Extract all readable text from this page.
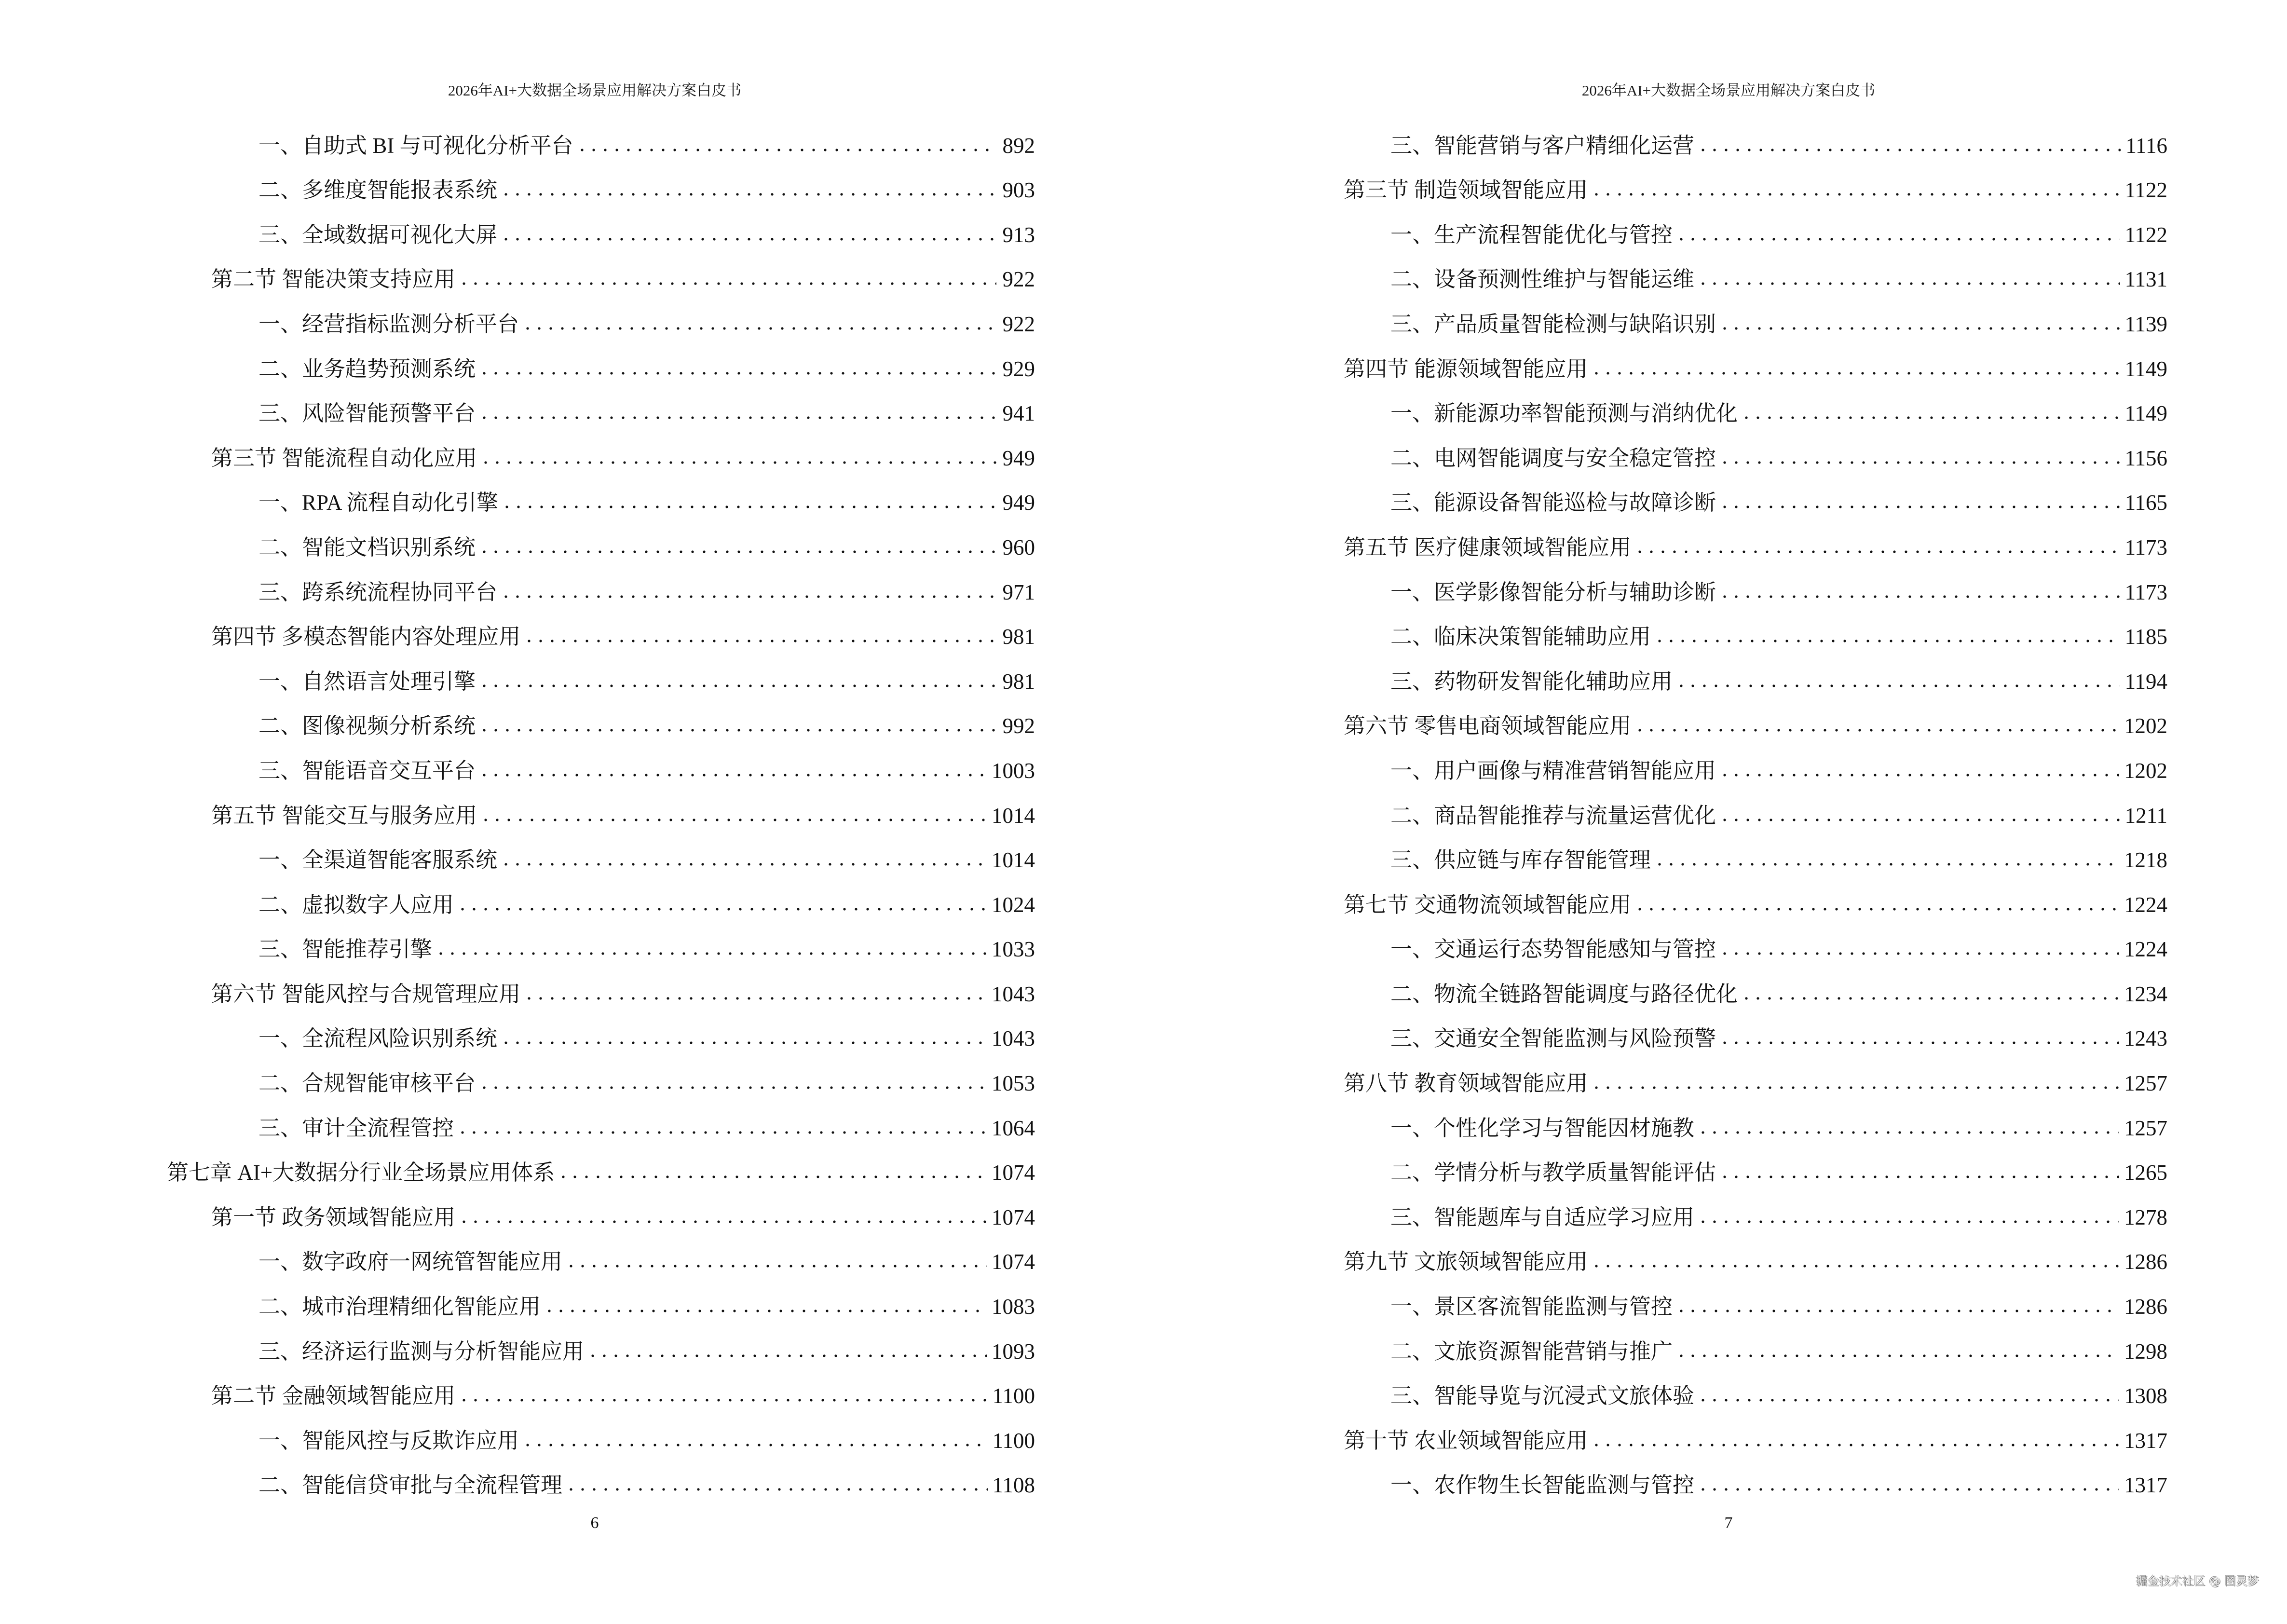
2026年AI+大数据全场景应用解决方案白皮书
一、自助式 BI 与可视化分析平台	892
二、多维度智能报表系统	903
三、全域数据可视化大屏	913
第二节 智能决策支持应用	922
一、经营指标监测分析平台	922
二、业务趋势预测系统	929
三、风险智能预警平台	941
第三节 智能流程自动化应用	949
一、RPA 流程自动化引擎	949
二、智能文档识别系统	960
三、跨系统流程协同平台	971
第四节 多模态智能内容处理应用	981
一、自然语言处理引擎	981
二、图像视频分析系统	992
三、智能语音交互平台	1003
第五节 智能交互与服务应用	1014
一、全渠道智能客服系统	1014
二、虚拟数字人应用	1024
三、智能推荐引擎	1033
第六节 智能风控与合规管理应用	1043
一、全流程风险识别系统	1043
二、合规智能审核平台	1053
三、审计全流程管控	1064
第七章 AI+大数据分行业全场景应用体系	1074
第一节 政务领域智能应用	1074
一、数字政府一网统管智能应用	1074
二、城市治理精细化智能应用	1083
三、经济运行监测与分析智能应用	1093
第二节 金融领域智能应用	1100
一、智能风控与反欺诈应用	1100
二、智能信贷审批与全流程管理	1108
6
2026年AI+大数据全场景应用解决方案白皮书
三、智能营销与客户精细化运营	1116
第三节 制造领域智能应用	1122
一、生产流程智能优化与管控	1122
二、设备预测性维护与智能运维	1131
三、产品质量智能检测与缺陷识别	1139
第四节 能源领域智能应用	1149
一、新能源功率智能预测与消纳优化	1149
二、电网智能调度与安全稳定管控	1156
三、能源设备智能巡检与故障诊断	1165
第五节 医疗健康领域智能应用	1173
一、医学影像智能分析与辅助诊断	1173
二、临床决策智能辅助应用	1185
三、药物研发智能化辅助应用	1194
第六节 零售电商领域智能应用	1202
一、用户画像与精准营销智能应用	1202
二、商品智能推荐与流量运营优化	1211
三、供应链与库存智能管理	1218
第七节 交通物流领域智能应用	1224
一、交通运行态势智能感知与管控	1224
二、物流全链路智能调度与路径优化	1234
三、交通安全智能监测与风险预警	1243
第八节 教育领域智能应用	1257
一、个性化学习与智能因材施教	1257
二、学情分析与教学质量智能评估	1265
三、智能题库与自适应学习应用	1278
第九节 文旅领域智能应用	1286
一、景区客流智能监测与管控	1286
二、文旅资源智能营销与推广	1298
三、智能导览与沉浸式文旅体验	1308
第十节 农业领域智能应用	1317
一、农作物生长智能监测与管控	1317
7
掘金技术社区 @ 图灵梦
